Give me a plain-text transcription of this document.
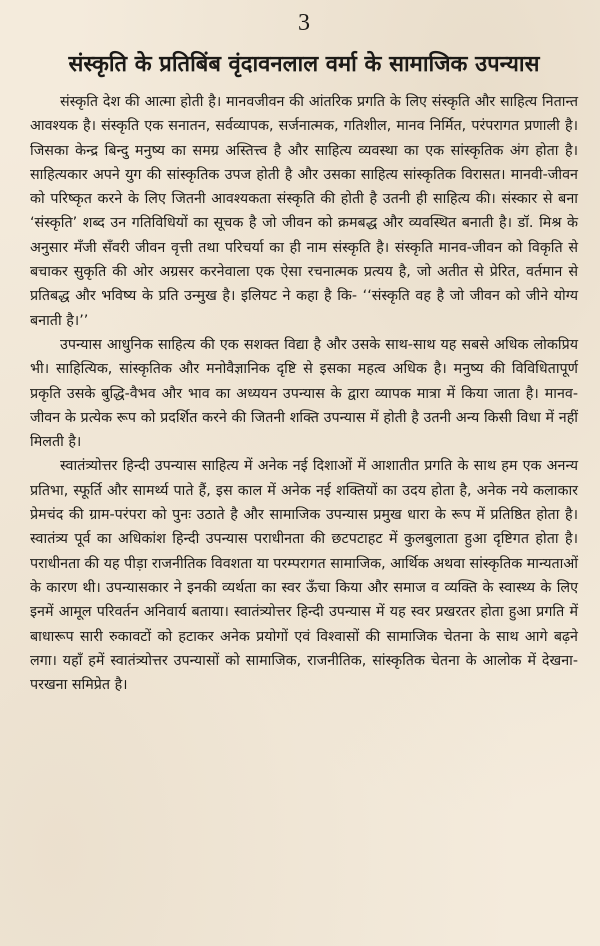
3

संस्कृति के प्रतिबिंब वृंदावनलाल वर्मा के सामाजिक उपन्यास

संस्कृति देश की आत्मा होती है। मानवजीवन की आंतरिक प्रगति के लिए संस्कृति और साहित्य नितान्त आवश्यक है। संस्कृति एक सनातन, सर्वव्यापक, सर्जनात्मक, गतिशील, मानव निर्मित, परंपरागत प्रणाली है। जिसका केन्द्र बिन्दु मनुष्य का समग्र अस्तित्त्व है और साहित्य व्यवस्था का एक सांस्कृतिक अंग होता है। साहित्यकार अपने युग की सांस्कृतिक उपज होती है और उसका साहित्य सांस्कृतिक विरासत। मानवी-जीवन को परिष्कृत करने के लिए जितनी आवश्यकता संस्कृति की होती है उतनी ही साहित्य की। संस्कार से बना ‘संस्कृति’ शब्द उन गतिविधियों का सूचक है जो जीवन को क्रमबद्ध और व्यवस्थित बनाती है। डॉ. मिश्र के अनुसार मँजी सँवरी जीवन वृत्ती तथा परिचर्या का ही नाम संस्कृति है। संस्कृति मानव-जीवन को विकृति से बचाकर सुकृति की ओर अग्रसर करनेवाला एक ऐसा रचनात्मक प्रत्यय है, जो अतीत से प्रेरित, वर्तमान से प्रतिबद्ध और भविष्य के प्रति उन्मुख है। इलियट ने कहा है कि- ‘‘संस्कृति वह है जो जीवन को जीने योग्य बनाती है।’’

उपन्यास आधुनिक साहित्य की एक सशक्त विद्या है और उसके साथ-साथ यह सबसे अधिक लोकप्रिय भी। साहित्यिक, सांस्कृतिक और मनोवैज्ञानिक दृष्टि से इसका महत्व अधिक है। मनुष्य की विविधितापूर्ण प्रकृति उसके बुद्धि-वैभव और भाव का अध्ययन उपन्यास के द्वारा व्यापक मात्रा में किया जाता है। मानव-जीवन के प्रत्येक रूप को प्रदर्शित करने की जितनी शक्ति उपन्यास में होती है उतनी अन्य किसी विधा में नहीं मिलती है।

स्वातंत्र्योत्तर हिन्दी उपन्यास साहित्य में अनेक नई दिशाओं में आशातीत प्रगति के साथ हम एक अनन्य प्रतिभा, स्फूर्ति और सामर्थ्य पाते हैं, इस काल में अनेक नई शक्तियों का उदय होता है, अनेक नये कलाकार प्रेमचंद की ग्राम-परंपरा को पुनः उठाते है और सामाजिक उपन्यास प्रमुख धारा के रूप में प्रतिष्ठित होता है। स्वातंत्र्य पूर्व का अधिकांश हिन्दी उपन्यास पराधीनता की छटपटाहट में कुलबुलाता हुआ दृष्टिगत होता है। पराधीनता की यह पीड़ा राजनीतिक विवशता या परम्परागत सामाजिक, आर्थिक अथवा सांस्कृतिक मान्यताओं के कारण थी। उपन्यासकार ने इनकी व्यर्थता का स्वर ऊँचा किया और समाज व व्यक्ति के स्वास्थ्य के लिए इनमें आमूल परिवर्तन अनिवार्य बताया। स्वातंत्र्योत्तर हिन्दी उपन्यास में यह स्वर प्रखरतर होता हुआ प्रगति में बाधारूप सारी रुकावटों को हटाकर अनेक प्रयोगों एवं विश्वासों की सामाजिक चेतना के साथ आगे बढ़ने लगा। यहाँ हमें स्वातंत्र्योत्तर उपन्यासों को सामाजिक, राजनीतिक, सांस्कृतिक चेतना के आलोक में देखना-परखना समिप्रेत है।
